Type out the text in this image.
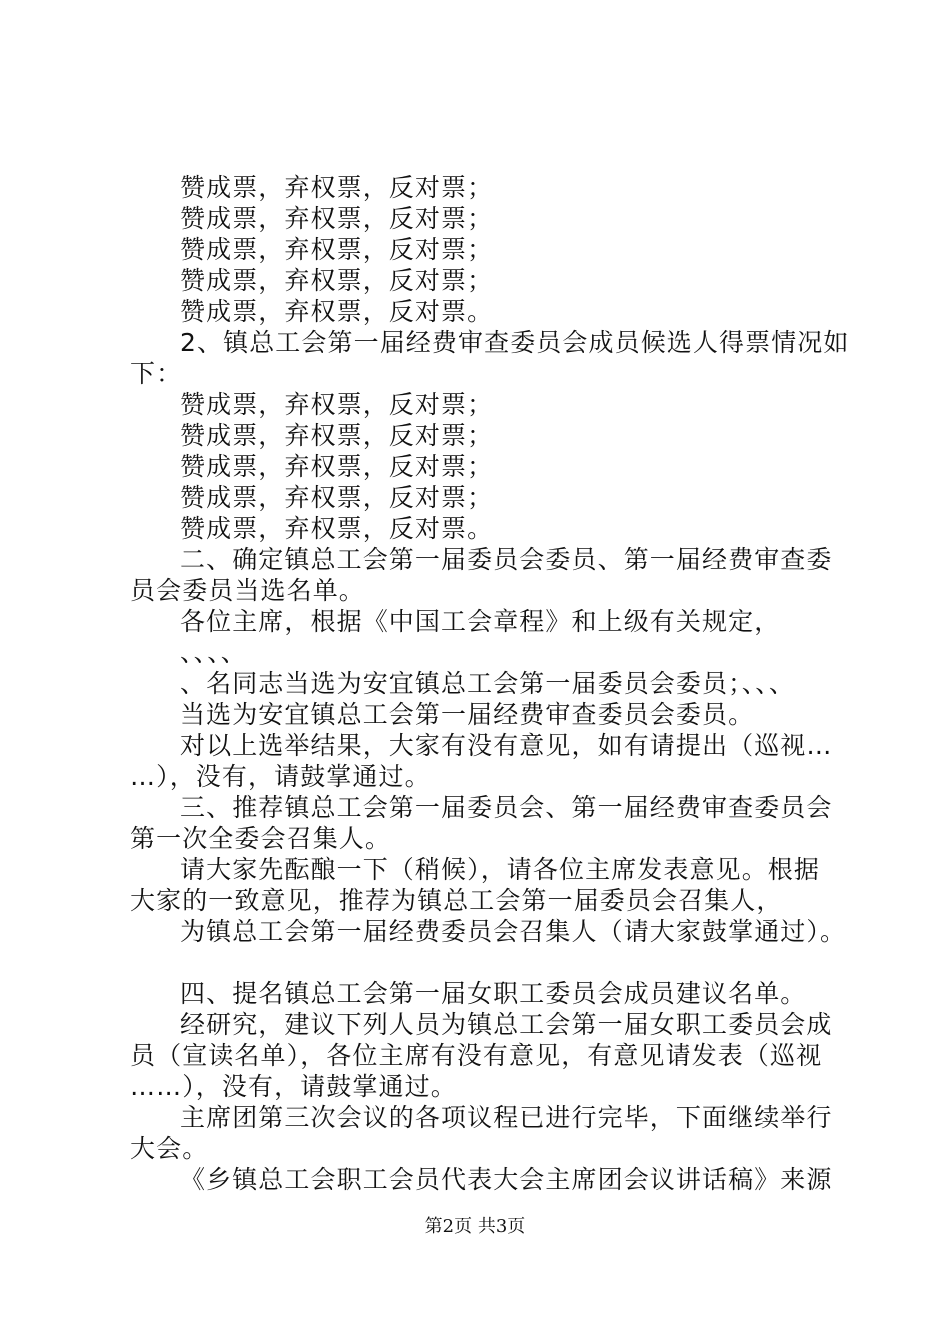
赞成票，弃权票，反对票；
赞成票，弃权票，反对票；
赞成票，弃权票，反对票；
赞成票，弃权票，反对票；
赞成票，弃权票，反对票。
2、镇总工会第一届经费审查委员会成员候选人得票情况如
下：
赞成票，弃权票，反对票；
赞成票，弃权票，反对票；
赞成票，弃权票，反对票；
赞成票，弃权票，反对票；
赞成票，弃权票，反对票。
二、确定镇总工会第一届委员会委员、第一届经费审查委
员会委员当选名单。
各位主席，根据《中国工会章程》和上级有关规定，
、、、、
、名同志当选为安宜镇总工会第一届委员会委员；、、、
当选为安宜镇总工会第一届经费审查委员会委员。
对以上选举结果，大家有没有意见，如有请提出（巡视…
…），没有，请鼓掌通过。
三、推荐镇总工会第一届委员会、第一届经费审查委员会
第一次全委会召集人。
请大家先酝酿一下（稍候），请各位主席发表意见。根据
大家的一致意见，推荐为镇总工会第一届委员会召集人，
为镇总工会第一届经费委员会召集人（请大家鼓掌通过）。
四、提名镇总工会第一届女职工委员会成员建议名单。
经研究，建议下列人员为镇总工会第一届女职工委员会成
员（宣读名单），各位主席有没有意见，有意见请发表（巡视
……），没有，请鼓掌通过。
主席团第三次会议的各项议程已进行完毕，下面继续举行
大会。
《乡镇总工会职工会员代表大会主席团会议讲话稿》来源
第2页 共3页
